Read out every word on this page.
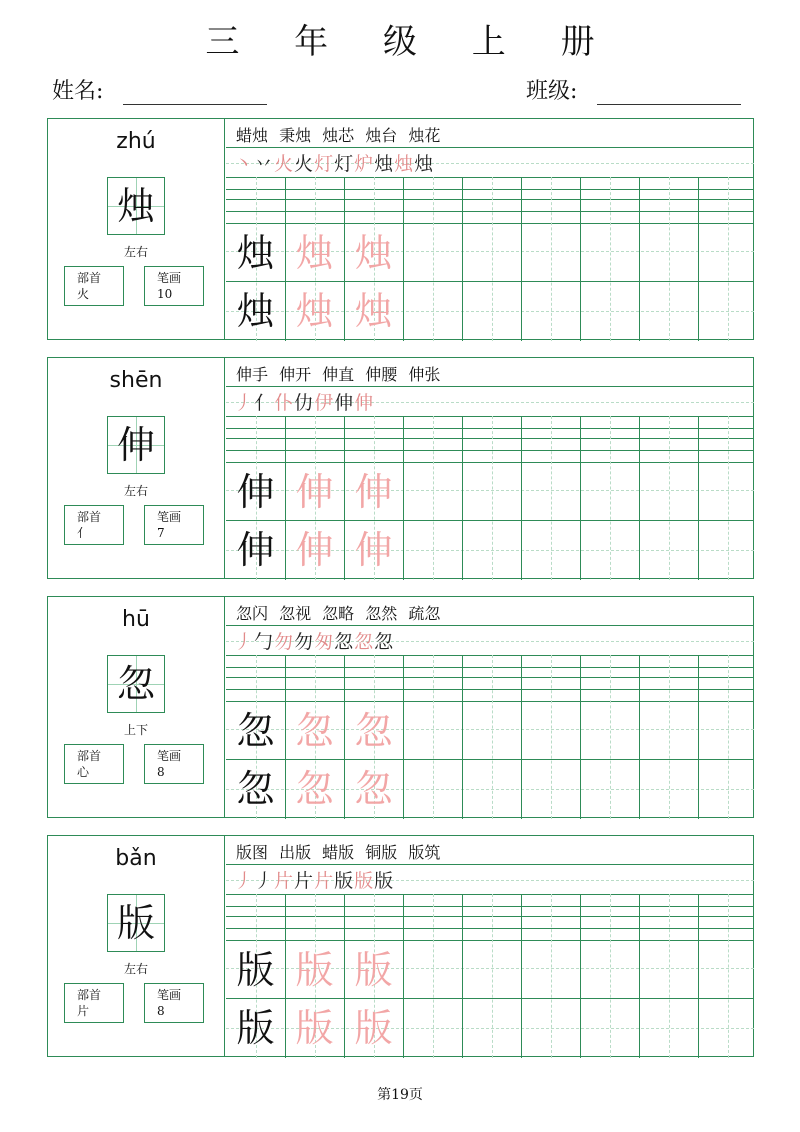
三 年 级 上 册
姓名:	班级:
zhú
烛
左右
部首
火
笔画
10
蜡烛 秉烛 烛芯 烛台 烛花
丶丷火火灯灯炉烛烛烛
烛 烛 烛
烛 烛 烛
shēn
伸
左右
部首
亻
笔画
7
伸手 伸开 伸直 伸腰 伸张
丿亻仆仂伊伸伸
伸 伸 伸
伸 伸 伸
hū
忽
上下
部首
心
笔画
8
忽闪 忽视 忽略 忽然 疏忽
丿勹勿勿匆忽忽忽
忽 忽 忽
忽 忽 忽
bǎn
版
左右
部首
片
笔画
8
版图 出版 蜡版 铜版 版筑
丿丿片片片版版版
版 版 版
版 版 版
第19页
